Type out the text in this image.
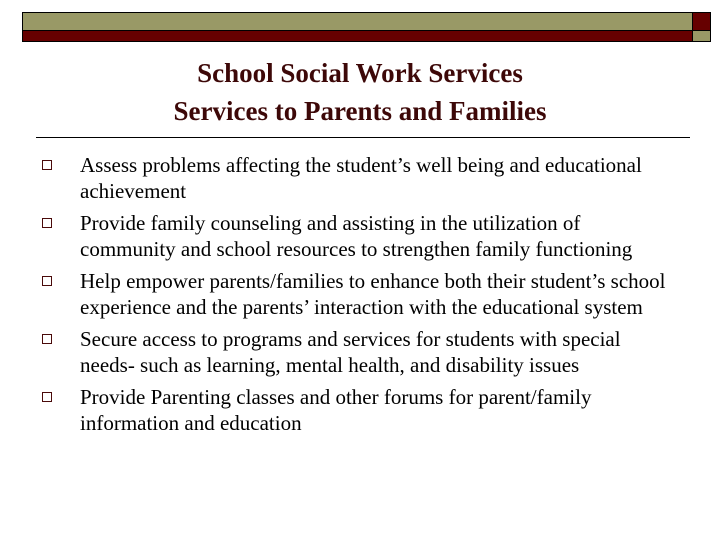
School Social Work Services
Services to Parents and Families
Assess problems affecting the student’s well being and educational achievement
Provide family counseling and assisting in the utilization of community and school resources to strengthen family functioning
Help empower parents/families to enhance both their student’s school experience and the parents’ interaction with the educational system
Secure access to programs and services for students with special needs- such as learning, mental health, and disability issues
Provide Parenting classes and other forums for parent/family information and education
